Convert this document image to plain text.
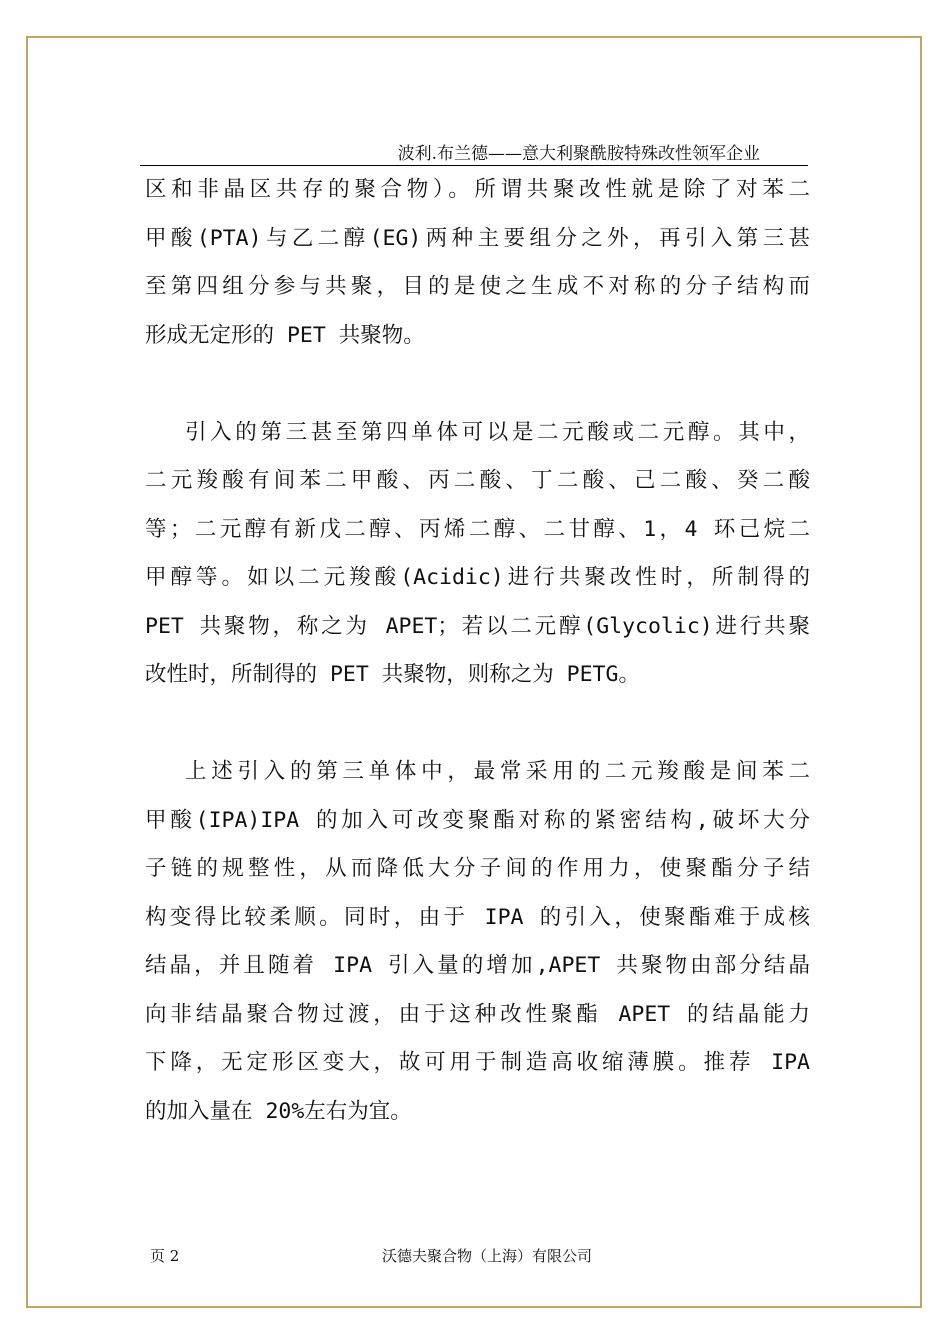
波利.布兰德——意大利聚酰胺特殊改性领军企业
区和非晶区共存的聚合物）。所谓共聚改性就是除了对苯二
甲酸(PTA)与乙二醇(EG)两种主要组分之外，再引入第三甚
至第四组分参与共聚，目的是使之生成不对称的分子结构而
形成无定形的 PET 共聚物。
引入的第三甚至第四单体可以是二元酸或二元醇。其中，
二元羧酸有间苯二甲酸、丙二酸、丁二酸、己二酸、癸二酸
等；二元醇有新戊二醇、丙烯二醇、二甘醇、1，4 环己烷二
甲醇等。如以二元羧酸(Acidic)进行共聚改性时，所制得的
PET 共聚物，称之为 APET；若以二元醇(Glycolic)进行共聚
改性时，所制得的 PET 共聚物，则称之为 PETG。
上述引入的第三单体中，最常采用的二元羧酸是间苯二
甲酸(IPA)IPA 的加入可改变聚酯对称的紧密结构,破坏大分
子链的规整性，从而降低大分子间的作用力，使聚酯分子结
构变得比较柔顺。同时，由于 IPA 的引入，使聚酯难于成核
结晶，并且随着 IPA 引入量的增加,APET 共聚物由部分结晶
向非结晶聚合物过渡，由于这种改性聚酯 APET 的结晶能力
下降，无定形区变大，故可用于制造高收缩薄膜。推荐 IPA
的加入量在 20%左右为宜。
页 2	沃德夫聚合物（上海）有限公司
